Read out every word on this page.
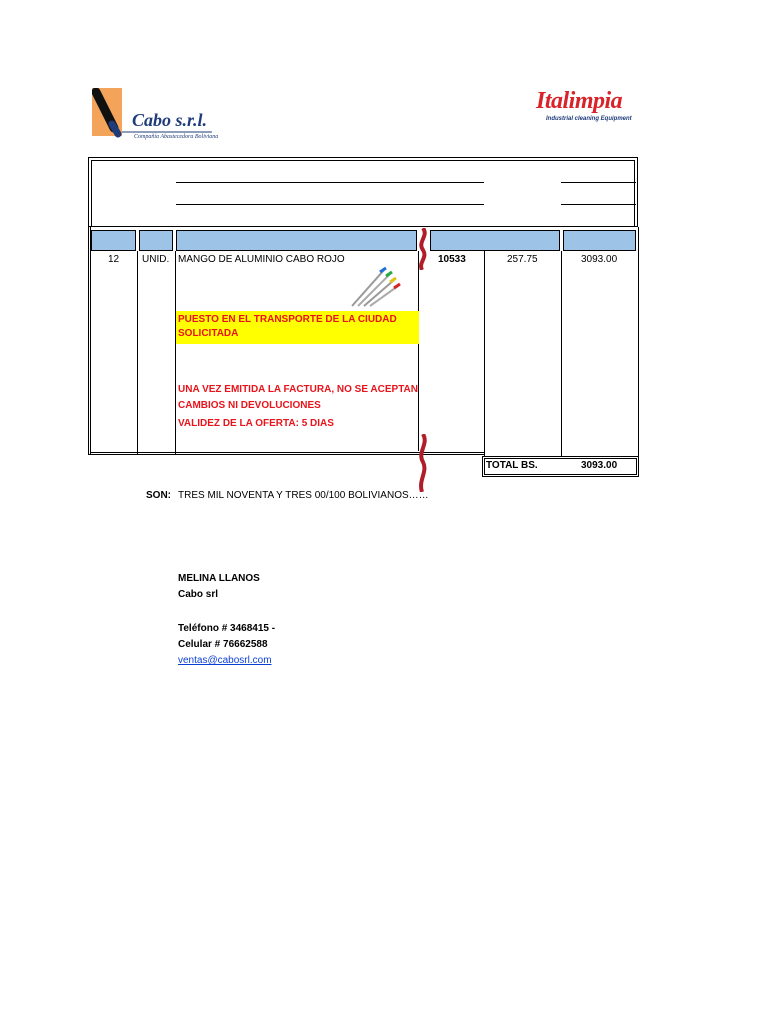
Cabo s.r.l.
Compañía Abastecedora Boliviana
Italimpia
Industrial cleaning Equipment
12 UNID. MANGO DE ALUMINIO CABO ROJO	10533	257.75	3093.00
PUESTO EN EL TRANSPORTE DE LA CIUDAD
SOLICITADA
UNA VEZ EMITIDA LA FACTURA, NO SE ACEPTAN
CAMBIOS NI DEVOLUCIONES
VALIDEZ DE LA OFERTA: 5 DIAS
TOTAL BS.	3093.00
SON: TRES MIL NOVENTA Y TRES 00/100 BOLIVIANOS……
MELINA LLANOS
Cabo srl
Teléfono # 3468415 -
Celular # 76662588
ventas@cabosrl.com
